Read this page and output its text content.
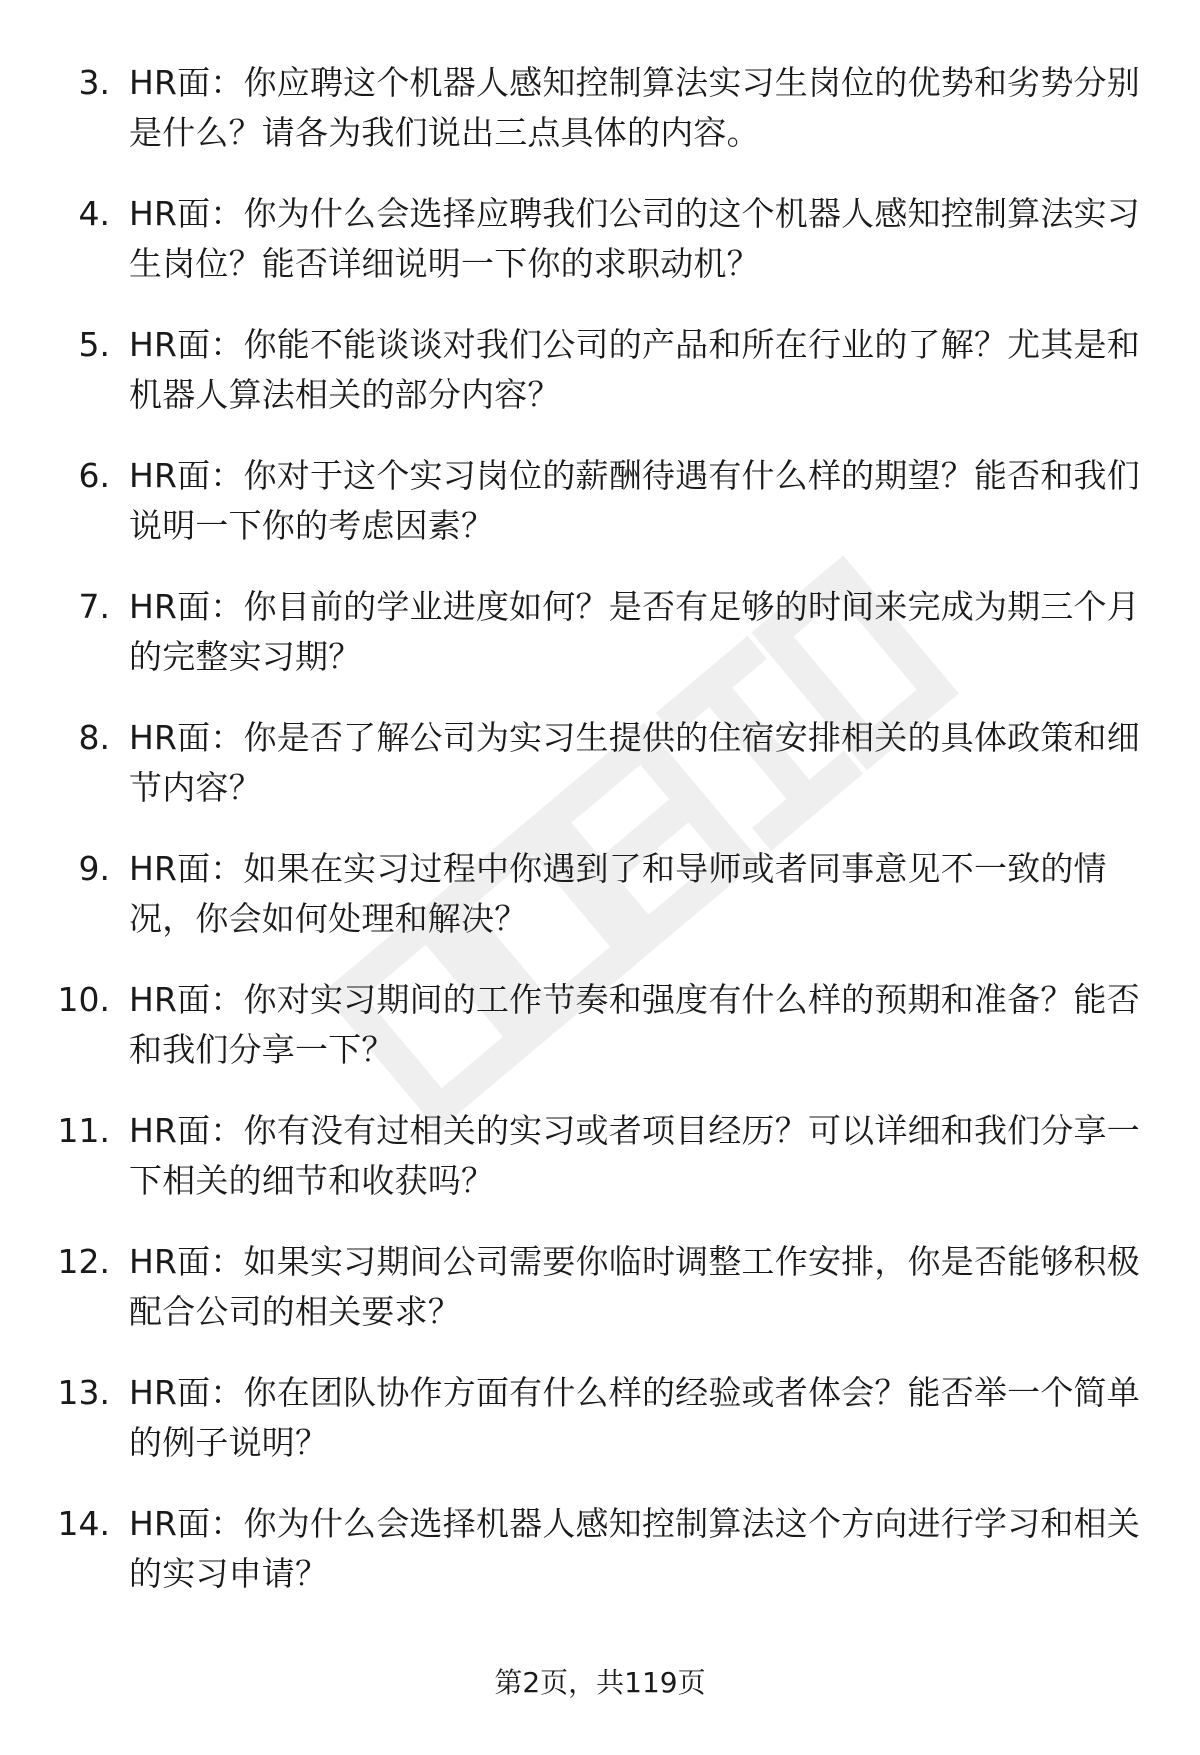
3. HR面：你应聘这个机器人感知控制算法实习生岗位的优势和劣势分别是什么？请各为我们说出三点具体的内容。
4. HR面：你为什么会选择应聘我们公司的这个机器人感知控制算法实习生岗位？能否详细说明一下你的求职动机？
5. HR面：你能不能谈谈对我们公司的产品和所在行业的了解？尤其是和机器人算法相关的部分内容？
6. HR面：你对于这个实习岗位的薪酬待遇有什么样的期望？能否和我们说明一下你的考虑因素？
7. HR面：你目前的学业进度如何？是否有足够的时间来完成为期三个月的完整实习期？
8. HR面：你是否了解公司为实习生提供的住宿安排相关的具体政策和细节内容？
9. HR面：如果在实习过程中你遇到了和导师或者同事意见不一致的情况，你会如何处理和解决？
10. HR面：你对实习期间的工作节奏和强度有什么样的预期和准备？能否和我们分享一下？
11. HR面：你有没有过相关的实习或者项目经历？可以详细和我们分享一下相关的细节和收获吗？
12. HR面：如果实习期间公司需要你临时调整工作安排，你是否能够积极配合公司的相关要求？
13. HR面：你在团队协作方面有什么样的经验或者体会？能否举一个简单的例子说明？
14. HR面：你为什么会选择机器人感知控制算法这个方向进行学习和相关的实习申请？
第2页，共119页
